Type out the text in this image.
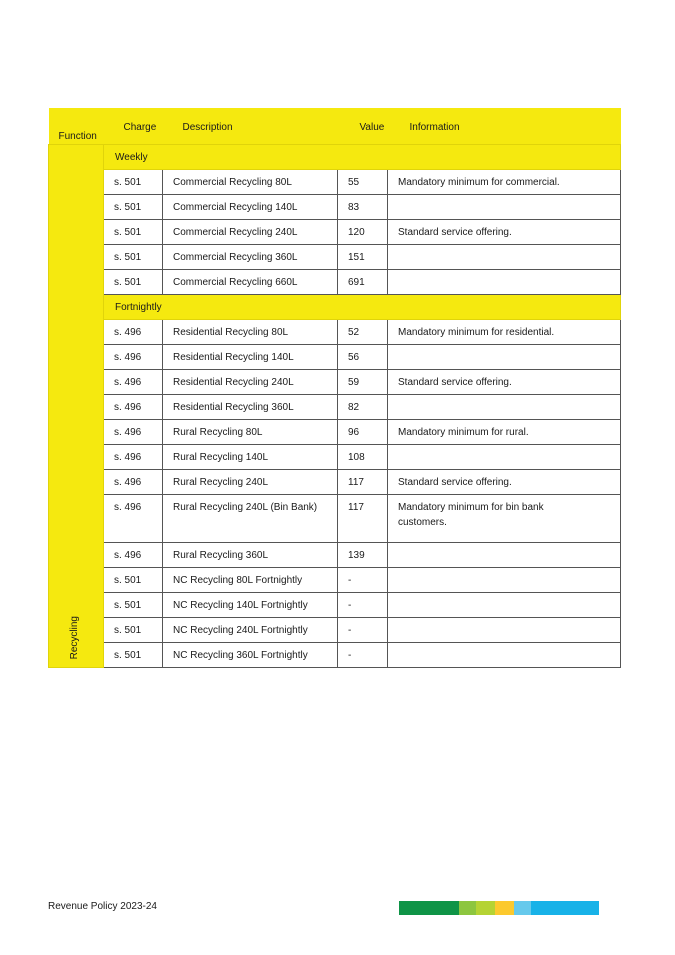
Function	Charge	Description	Value	Information

Recycling	Weekly			
	s. 501	Commercial Recycling 80L	55	Mandatory minimum for commercial.
	s. 501	Commercial Recycling 140L	83	
	s. 501	Commercial Recycling 240L	120	Standard service offering.
	s. 501	Commercial Recycling 360L	151	
	s. 501	Commercial Recycling 660L	691	
	Fortnightly			
	s. 496	Residential Recycling 80L	52	Mandatory minimum for residential.
	s. 496	Residential Recycling 140L	56	
	s. 496	Residential Recycling 240L	59	Standard service offering.
	s. 496	Residential Recycling 360L	82	
	s. 496	Rural Recycling 80L	96	Mandatory minimum for rural.
	s. 496	Rural Recycling 140L	108	
	s. 496	Rural Recycling 240L	117	Standard service offering.
	s. 496	Rural Recycling 240L (Bin Bank)	117	Mandatory minimum for bin bank customers.
	s. 496	Rural Recycling 360L	139	
	s. 501	NC Recycling 80L Fortnightly	-	
	s. 501	NC Recycling 140L Fortnightly	-	
	s. 501	NC Recycling 240L Fortnightly	-	
	s. 501	NC Recycling 360L Fortnightly	-	
Revenue Policy 2023-24
